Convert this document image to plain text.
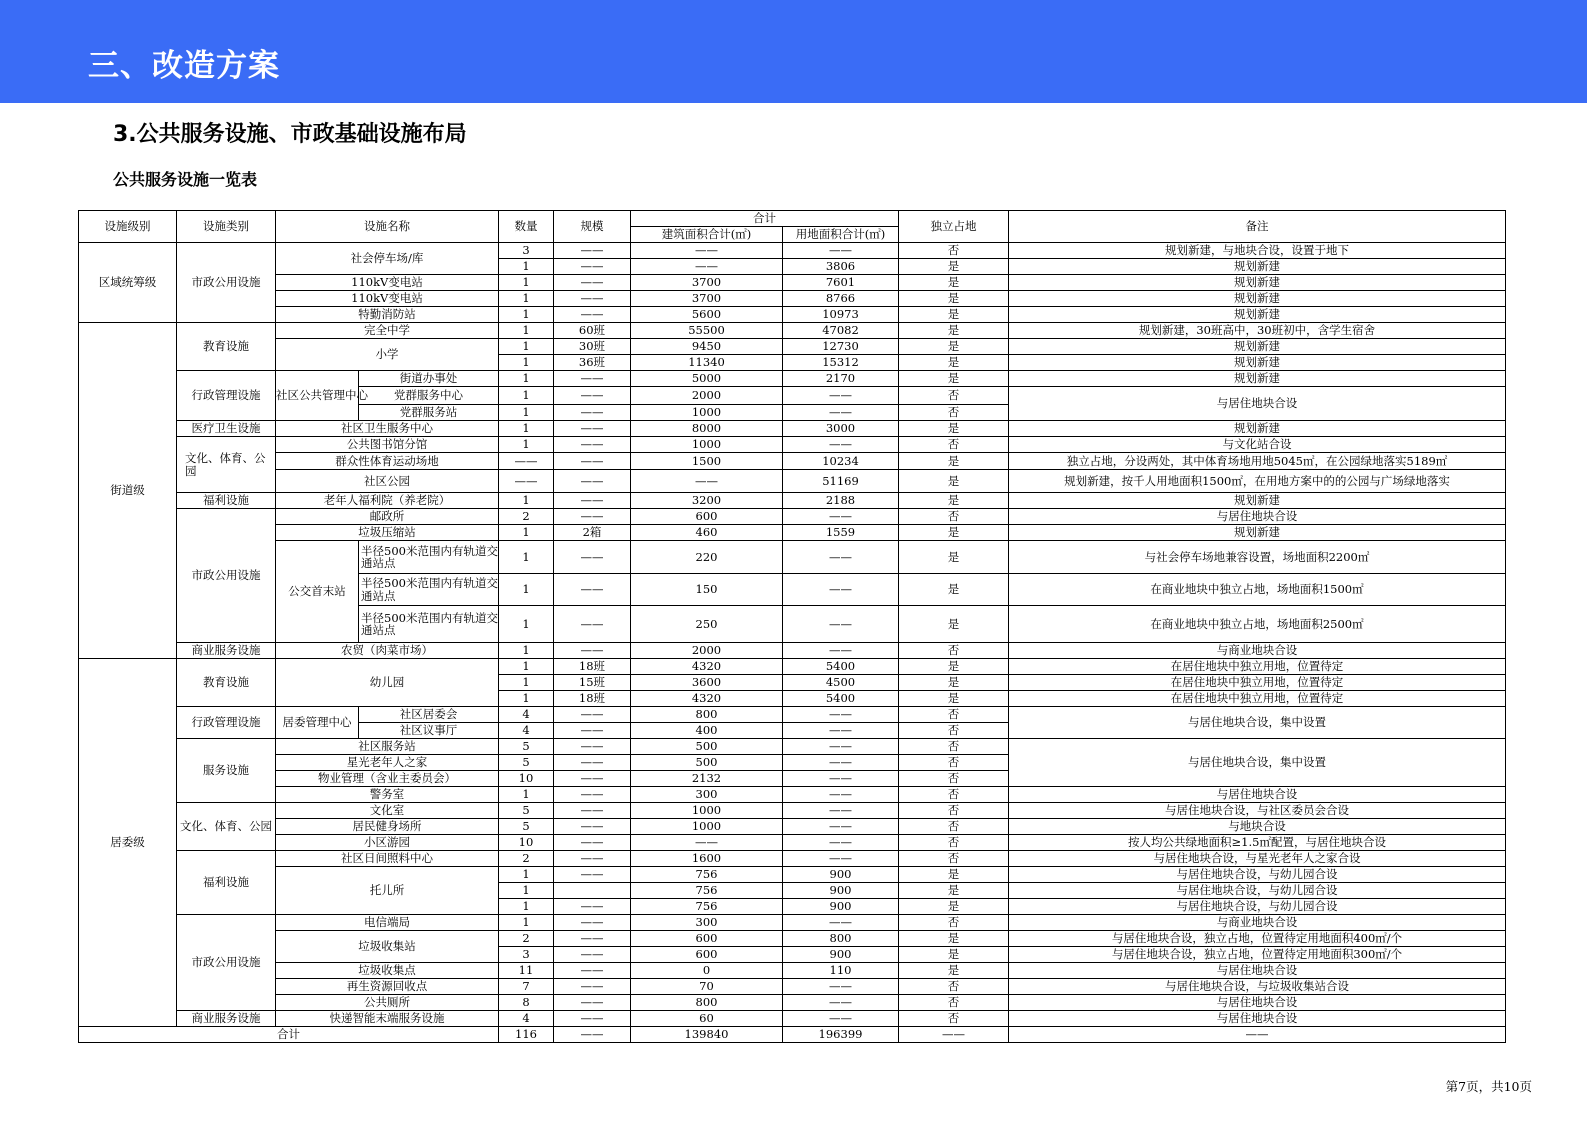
三、改造方案
3.公共服务设施、市政基础设施布局
公共服务设施一览表
设施级别	设施类别	设施名称		数量	规模	合计		独立占地	备注
						建筑面积合计(㎡)	用地面积合计(㎡)		
区域统筹级	市政公用设施	社会停车场/库		3	——	——	——	否	规划新建，与地块合设，设置于地下
				1	——	——	3806	是	规划新建
		110kV变电站		1	——	3700	7601	是	规划新建
		110kV变电站		1	——	3700	8766	是	规划新建
		特勤消防站		1	——	5600	10973	是	规划新建
街道级	教育设施	完全中学		1	60班	55500	47082	是	规划新建，30班高中，30班初中，含学生宿舍
		小学		1	30班	9450	12730	是	规划新建
				1	36班	11340	15312	是	规划新建
	行政管理设施	社区公共管理中心	街道办事处	1	——	5000	2170	是	规划新建
			党群服务中心	1	——	2000	——	否	与居住地块合设
			党群服务站	1	——	1000	——	否	
	医疗卫生设施	社区卫生服务中心		1	——	8000	3000	是	规划新建
	文化、体育、公园	公共图书馆分馆		1	——	1000	——	否	与文化站合设
		群众性体育运动场地		——	——	1500	10234	是	独立占地，分设两处，其中体育场地用地5045㎡，在公园绿地落实5189㎡
		社区公园		——	——	——	51169	是	规划新建，按千人用地面积1500㎡，在用地方案中的的公园与广场绿地落实
	福利设施	老年人福利院（养老院）		1	——	3200	2188	是	规划新建
	市政公用设施	邮政所		2	——	600	——	否	与居住地块合设
		垃圾压缩站		1	2箱	460	1559	是	规划新建
		公交首末站	半径500米范围内有轨道交通站点	1	——	220	——	是	与社会停车场地兼容设置，场地面积2200㎡
			半径500米范围内有轨道交通站点	1	——	150	——	是	在商业地块中独立占地，场地面积1500㎡
			半径500米范围内有轨道交通站点	1	——	250	——	是	在商业地块中独立占地，场地面积2500㎡
	商业服务设施	农贸（肉菜市场）		1	——	2000	——	否	与商业地块合设
居委级	教育设施	幼儿园		1	18班	4320	5400	是	在居住地块中独立用地，位置待定
				1	15班	3600	4500	是	在居住地块中独立用地，位置待定
				1	18班	4320	5400	是	在居住地块中独立用地，位置待定
	行政管理设施	居委管理中心	社区居委会	4	——	800	——	否	与居住地块合设，集中设置
			社区议事厅	4	——	400	——	否	
	服务设施	社区服务站		5	——	500	——	否	与居住地块合设，集中设置
		星光老年人之家		5	——	500	——	否	
		物业管理（含业主委员会）		10	——	2132	——	否	
		警务室		1	——	300	——	否	与居住地块合设
	文化、体育、公园	文化室		5	——	1000	——	否	与居住地块合设，与社区委员会合设
		居民健身场所		5	——	1000	——	否	与地块合设
		小区游园		10	——	——	——	否	按人均公共绿地面积≥1.5㎡配置，与居住地块合设
	福利设施	社区日间照料中心		2	——	1600	——	否	与居住地块合设，与星光老年人之家合设
		托儿所		1	——	756	900	是	与居住地块合设，与幼儿园合设
				1		756	900	是	与居住地块合设，与幼儿园合设
				1	——	756	900	是	与居住地块合设，与幼儿园合设
	市政公用设施	电信端局		1	——	300	——	否	与商业地块合设
		垃圾收集站		2	——	600	800	是	与居住地块合设，独立占地，位置待定用地面积400㎡/个
				3	——	600	900	是	与居住地块合设，独立占地，位置待定用地面积300㎡/个
		垃圾收集点		11	——	0	110	是	与居住地块合设
		再生资源回收点		7	——	70	——	否	与居住地块合设，与垃圾收集站合设
		公共厕所		8	——	800	——	否	与居住地块合设
	商业服务设施	快递智能末端服务设施		4	——	60	——	否	与居住地块合设
合计				116	——	139840	196399	——	——
第7页，共10页
